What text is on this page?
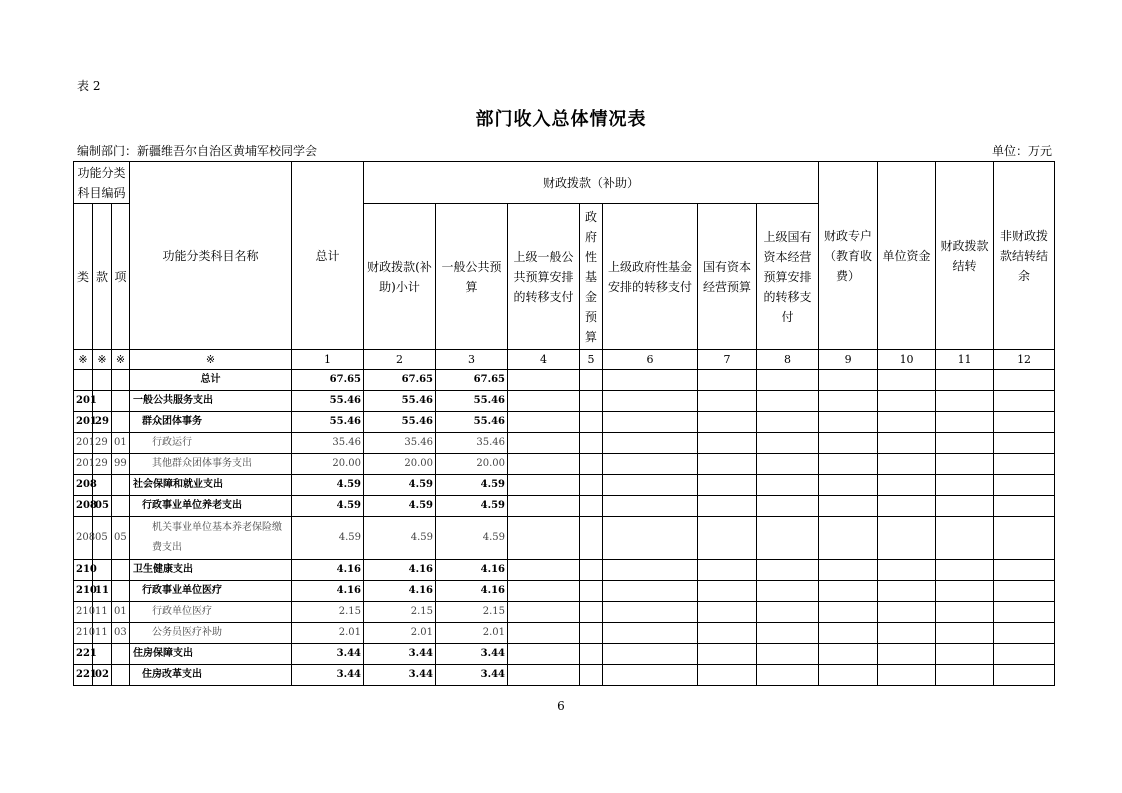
表 2
部门收入总体情况表
编制部门：新疆维吾尔自治区黄埔军校同学会	单位：万元
功能分类科目编码			功能分类科目名称	总计	财政拨款（补助）							财政专户（教育收费）	单位资金	财政拨款结转	非财政拨款结转结余
类	款	项			财政拨款(补助)小计	一般公共预算	上级一般公共预算安排的转移支付	政府性基金预算	上级政府性基金安排的转移支付	国有资本经营预算	上级国有资本经营预算安排的转移支付				

※	※	※	※	1	2	3	4	5	6	7	8	9	10	11	12
			总计	67.65	67.65	67.65									
201			一般公共服务支出	55.46	55.46	55.46									
201	29		群众团体事务	55.46	55.46	55.46									
201	29	01	行政运行	35.46	35.46	35.46									
201	29	99	其他群众团体事务支出	20.00	20.00	20.00									
208			社会保障和就业支出	4.59	4.59	4.59									
208	05		行政事业单位养老支出	4.59	4.59	4.59									
208	05	05	机关事业单位基本养老保险缴费支出	4.59	4.59	4.59									
210			卫生健康支出	4.16	4.16	4.16									
210	11		行政事业单位医疗	4.16	4.16	4.16									
210	11	01	行政单位医疗	2.15	2.15	2.15									
210	11	03	公务员医疗补助	2.01	2.01	2.01									
221			住房保障支出	3.44	3.44	3.44									
221	02		住房改革支出	3.44	3.44	3.44									
6
